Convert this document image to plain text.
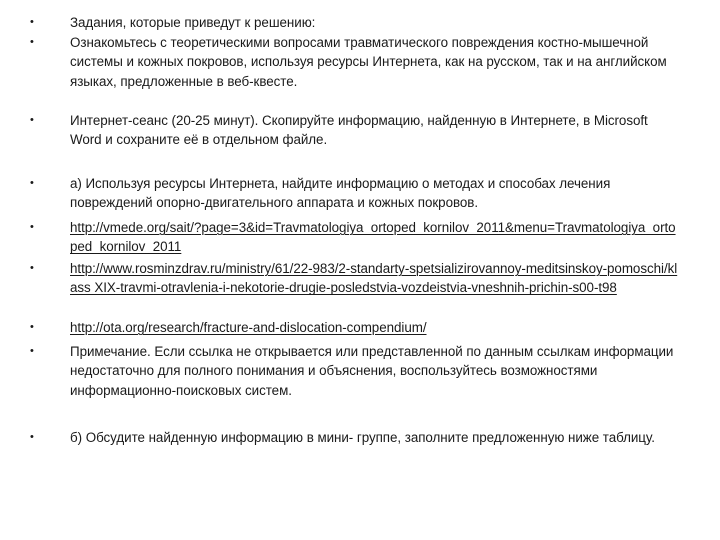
•	Задания, которые приведут к решению:
•	Ознакомьтесь с теоретическими вопросами травматического повреждения костно-мышечной системы и кожных покровов, используя ресурсы Интернета, как на русском, так и на английском языках, предложенные в веб-квесте.
•	Интернет-сеанс (20-25 минут). Скопируйте информацию, найденную в Интернете, в Microsoft Word и сохраните её в отдельном файле.
•	а) Используя ресурсы Интернета, найдите информацию о методах и способах лечения повреждений опорно-двигательного аппарата и кожных покровов.
•	http://vmede.org/sait/?page=3&id=Travmatologiya_ortoped_kornilov_2011&menu=Travmatologiya_ortoped_kornilov_2011
•	http://www.rosminzdrav.ru/ministry/61/22-983/2-standarty-spetsializirovannoy-meditsinskoy-pomoschi/klass XIX-travmi-otravlenia-i-nekotorie-drugie-posledstvia-vozdeistvia-vneshnih-prichin-s00-t98
•	http://ota.org/research/fracture-and-dislocation-compendium/
•	Примечание. Если ссылка не открывается или представленной по данным ссылкам информации недостаточно для полного понимания и объяснения, воспользуйтесь возможностями информационно-поисковых систем.
•	б) Обсудите найденную информацию в мини- группе, заполните предложенную ниже таблицу.
